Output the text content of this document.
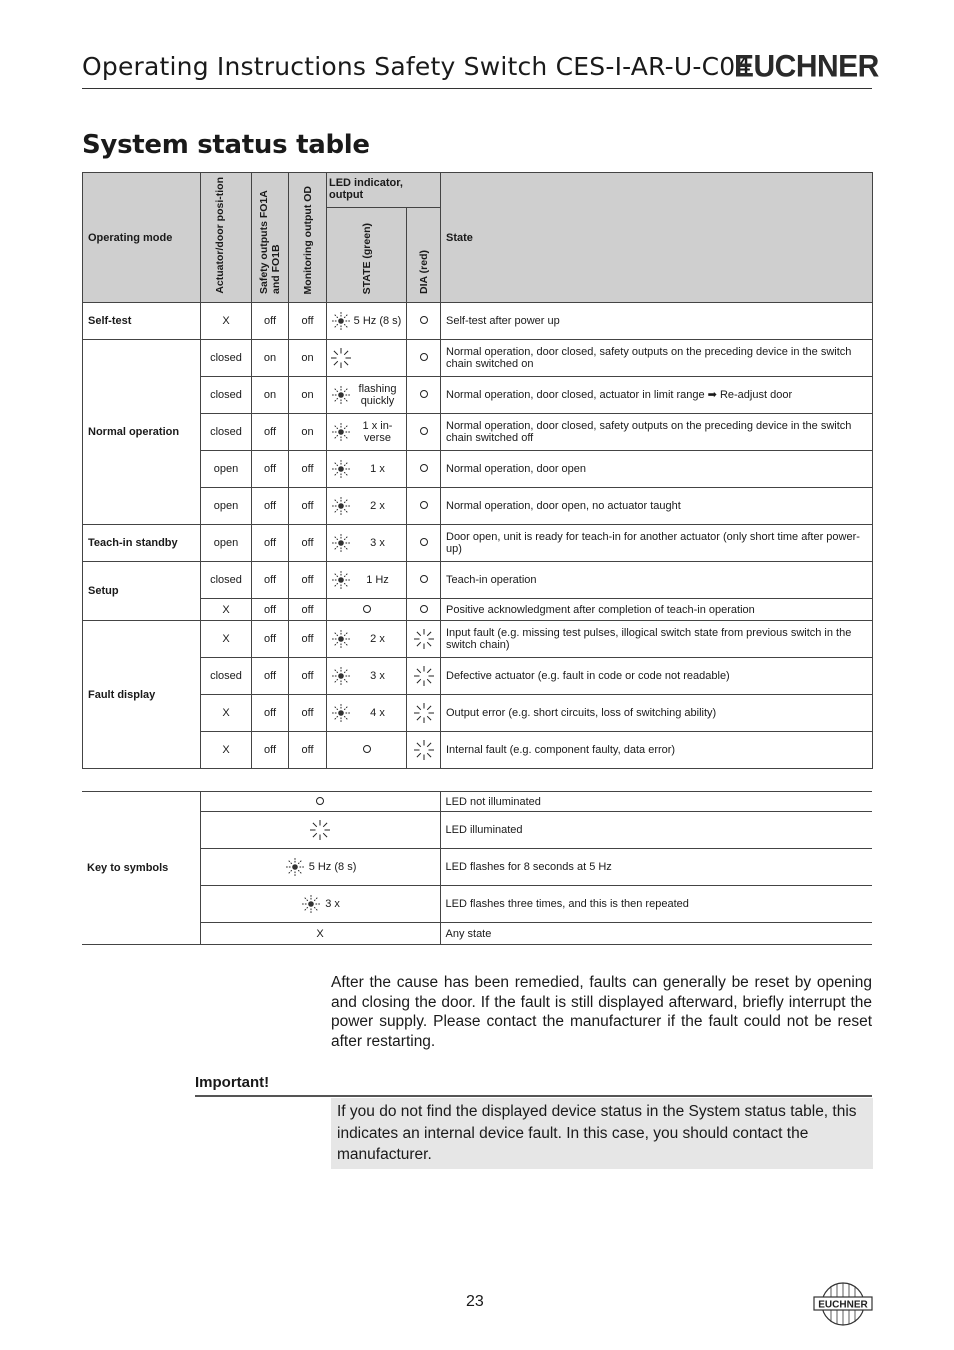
Operating Instructions Safety Switch CES-I-AR-U-C04
EUCHNER
System status table
Operating mode	Actuator/door posi-tion	Safety outputs FO1A and FO1B	Monitoring output OD	LED indicator, output		State

				STATE (green)	DIA (red)	

Self-test	X	off	off	5 Hz (8 s)		Self-test after power up
Normal operation	closed	on	on			Normal operation, door closed, safety outputs on the preceding device in the switch chain switched on
	closed	on	on	flashing quickly		Normal operation, door closed, actuator in limit range ➡ Re-adjust door
	closed	off	on	1 x in-verse		Normal operation, door closed, safety outputs on the preceding device in the switch chain switched off
	open	off	off	1 x		Normal operation, door open
	open	off	off	2 x		Normal operation, door open, no actuator taught
Teach-in standby	open	off	off	3 x		Door open, unit is ready for teach-in for another actuator (only short time after power-up)
Setup	closed	off	off	1 Hz		Teach-in operation
	X	off	off			Positive acknowledgment after completion of teach-in operation
Fault display	X	off	off	2 x		Input fault (e.g. missing test pulses, illogical switch state from previous switch in the switch chain)
	closed	off	off	3 x		Defective actuator (e.g. fault in code or code not readable)
	X	off	off	4 x		Output error (e.g. short circuits, loss of switching ability)
	X	off	off			Internal fault (e.g. component faulty, data error)
Key to symbols		LED not illuminated
	LED illuminated
	5 Hz (8 s)	LED flashes for 8 seconds at 5 Hz
	3 x	LED flashes three times, and this is then repeated
	X	Any state
After the cause has been remedied, faults can generally be reset by opening and closing the door. If the fault is still displayed afterward, briefly interrupt the power supply. Please contact the manufacturer if the fault could not be reset after restarting.
Important!
If you do not find the displayed device status in the System status table, this indicates an internal device fault. In this case, you should contact the manufacturer.
23	EUCHNER
